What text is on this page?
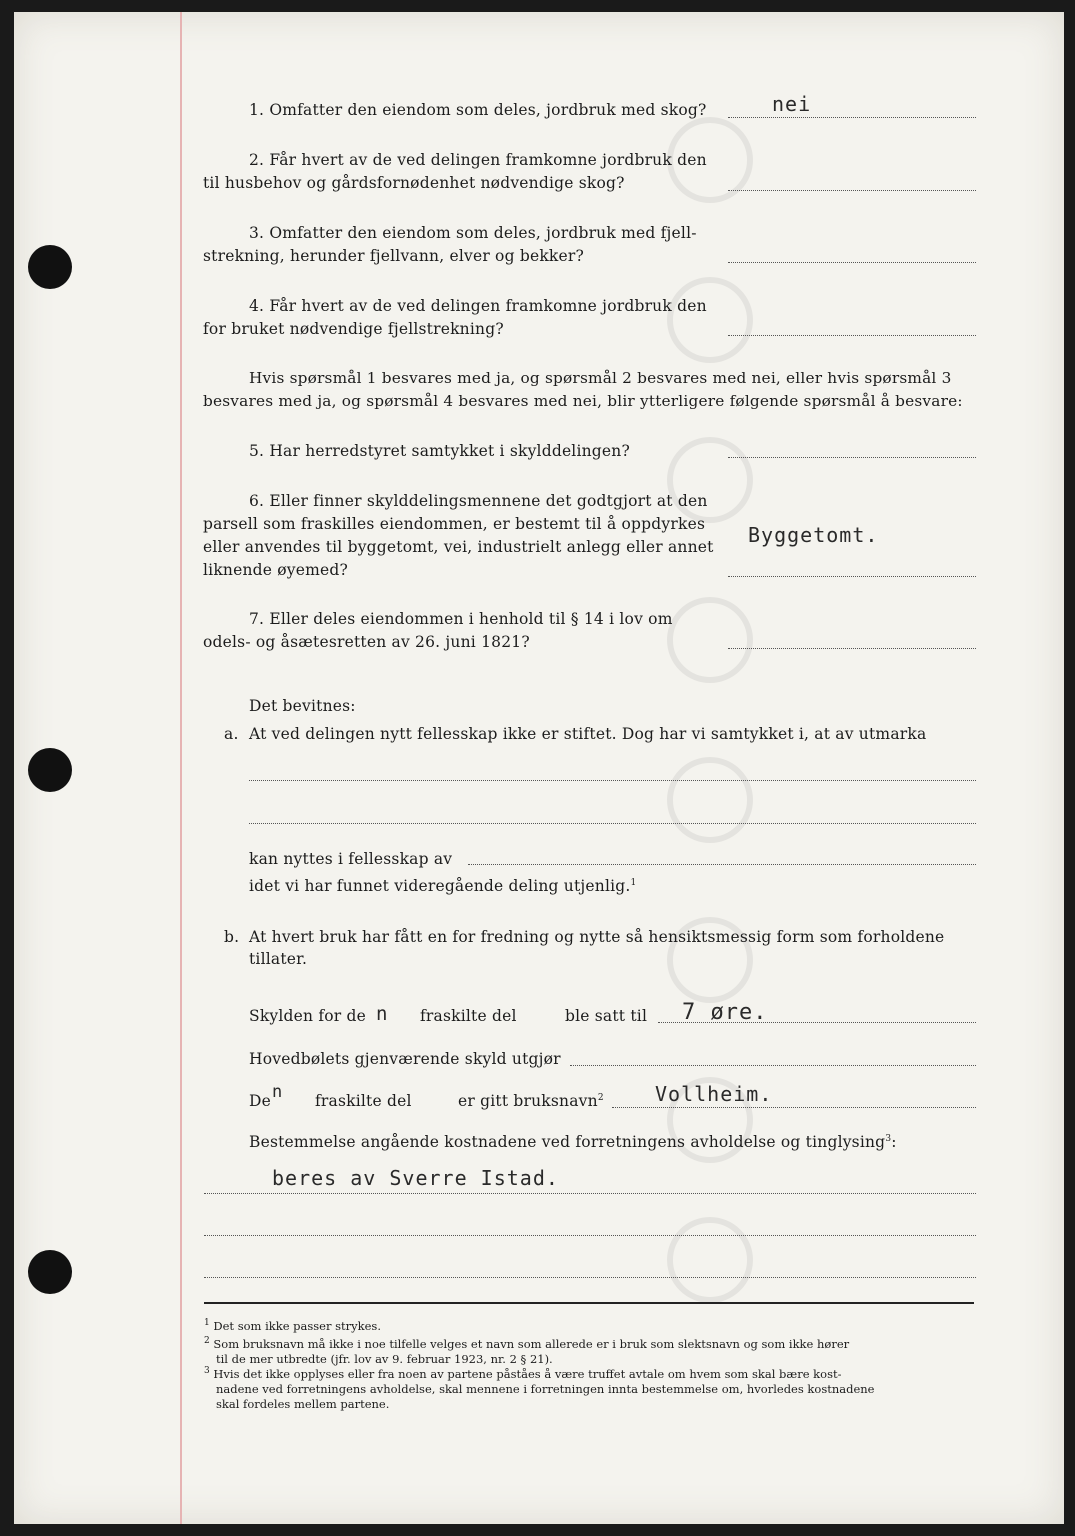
1. Omfatter den eiendom som deles, jordbruk med skog?	nei
2. Får hvert av de ved delingen framkomne jordbruk den
til husbehov og gårdsfornødenhet nødvendige skog?
3. Omfatter den eiendom som deles, jordbruk med fjell-
strekning, herunder fjellvann, elver og bekker?
4. Får hvert av de ved delingen framkomne jordbruk den
for bruket nødvendige fjellstrekning?
Hvis spørsmål 1 besvares med ja, og spørsmål 2 besvares med nei, eller hvis spørsmål 3
besvares med ja, og spørsmål 4 besvares med nei, blir ytterligere følgende spørsmål å besvare:
5. Har herredstyret samtykket i skylddelingen?
6. Eller finner skylddelingsmennene det godtgjort at den
parsell som fraskilles eiendommen, er bestemt til å oppdyrkes
eller anvendes til byggetomt, vei, industrielt anlegg eller annet
liknende øyemed?
Byggetomt.
7. Eller deles eiendommen i henhold til § 14 i lov om
odels- og åsætesretten av 26. juni 1821?
Det bevitnes:
a. At ved delingen nytt fellesskap ikke er stiftet. Dog har vi samtykket i, at av utmarka
kan nyttes i fellesskap av
idet vi har funnet videregående deling utjenlig.$^1$
b. At hvert bruk har fått en for fredning og nytte så hensiktsmessig form som forholdene
tillater.
Skylden for de n fraskilte del	ble satt til 7 øre.
Hovedbølets gjenværende skyld utgjør
De n fraskilte del	er gitt bruksnavn$^2$	Vollheim.
Bestemmelse angående kostnadene ved forretningens avholdelse og tinglysing$^3$:
beres av Sverre Istad.
$^1$ Det som ikke passer strykes.
$^2$ Som bruksnavn må ikke i noe tilfelle velges et navn som allerede er i bruk som slektsnavn og som ikke hører
til de mer utbredte (jfr. lov av 9. februar 1923, nr. 2 § 21).
$^3$ Hvis det ikke opplyses eller fra noen av partene påståes å være truffet avtale om hvem som skal bære kost-
nadene ved forretningens avholdelse, skal mennene i forretningen innta bestemmelse om, hvorledes kostnadene
skal fordeles mellem partene.
